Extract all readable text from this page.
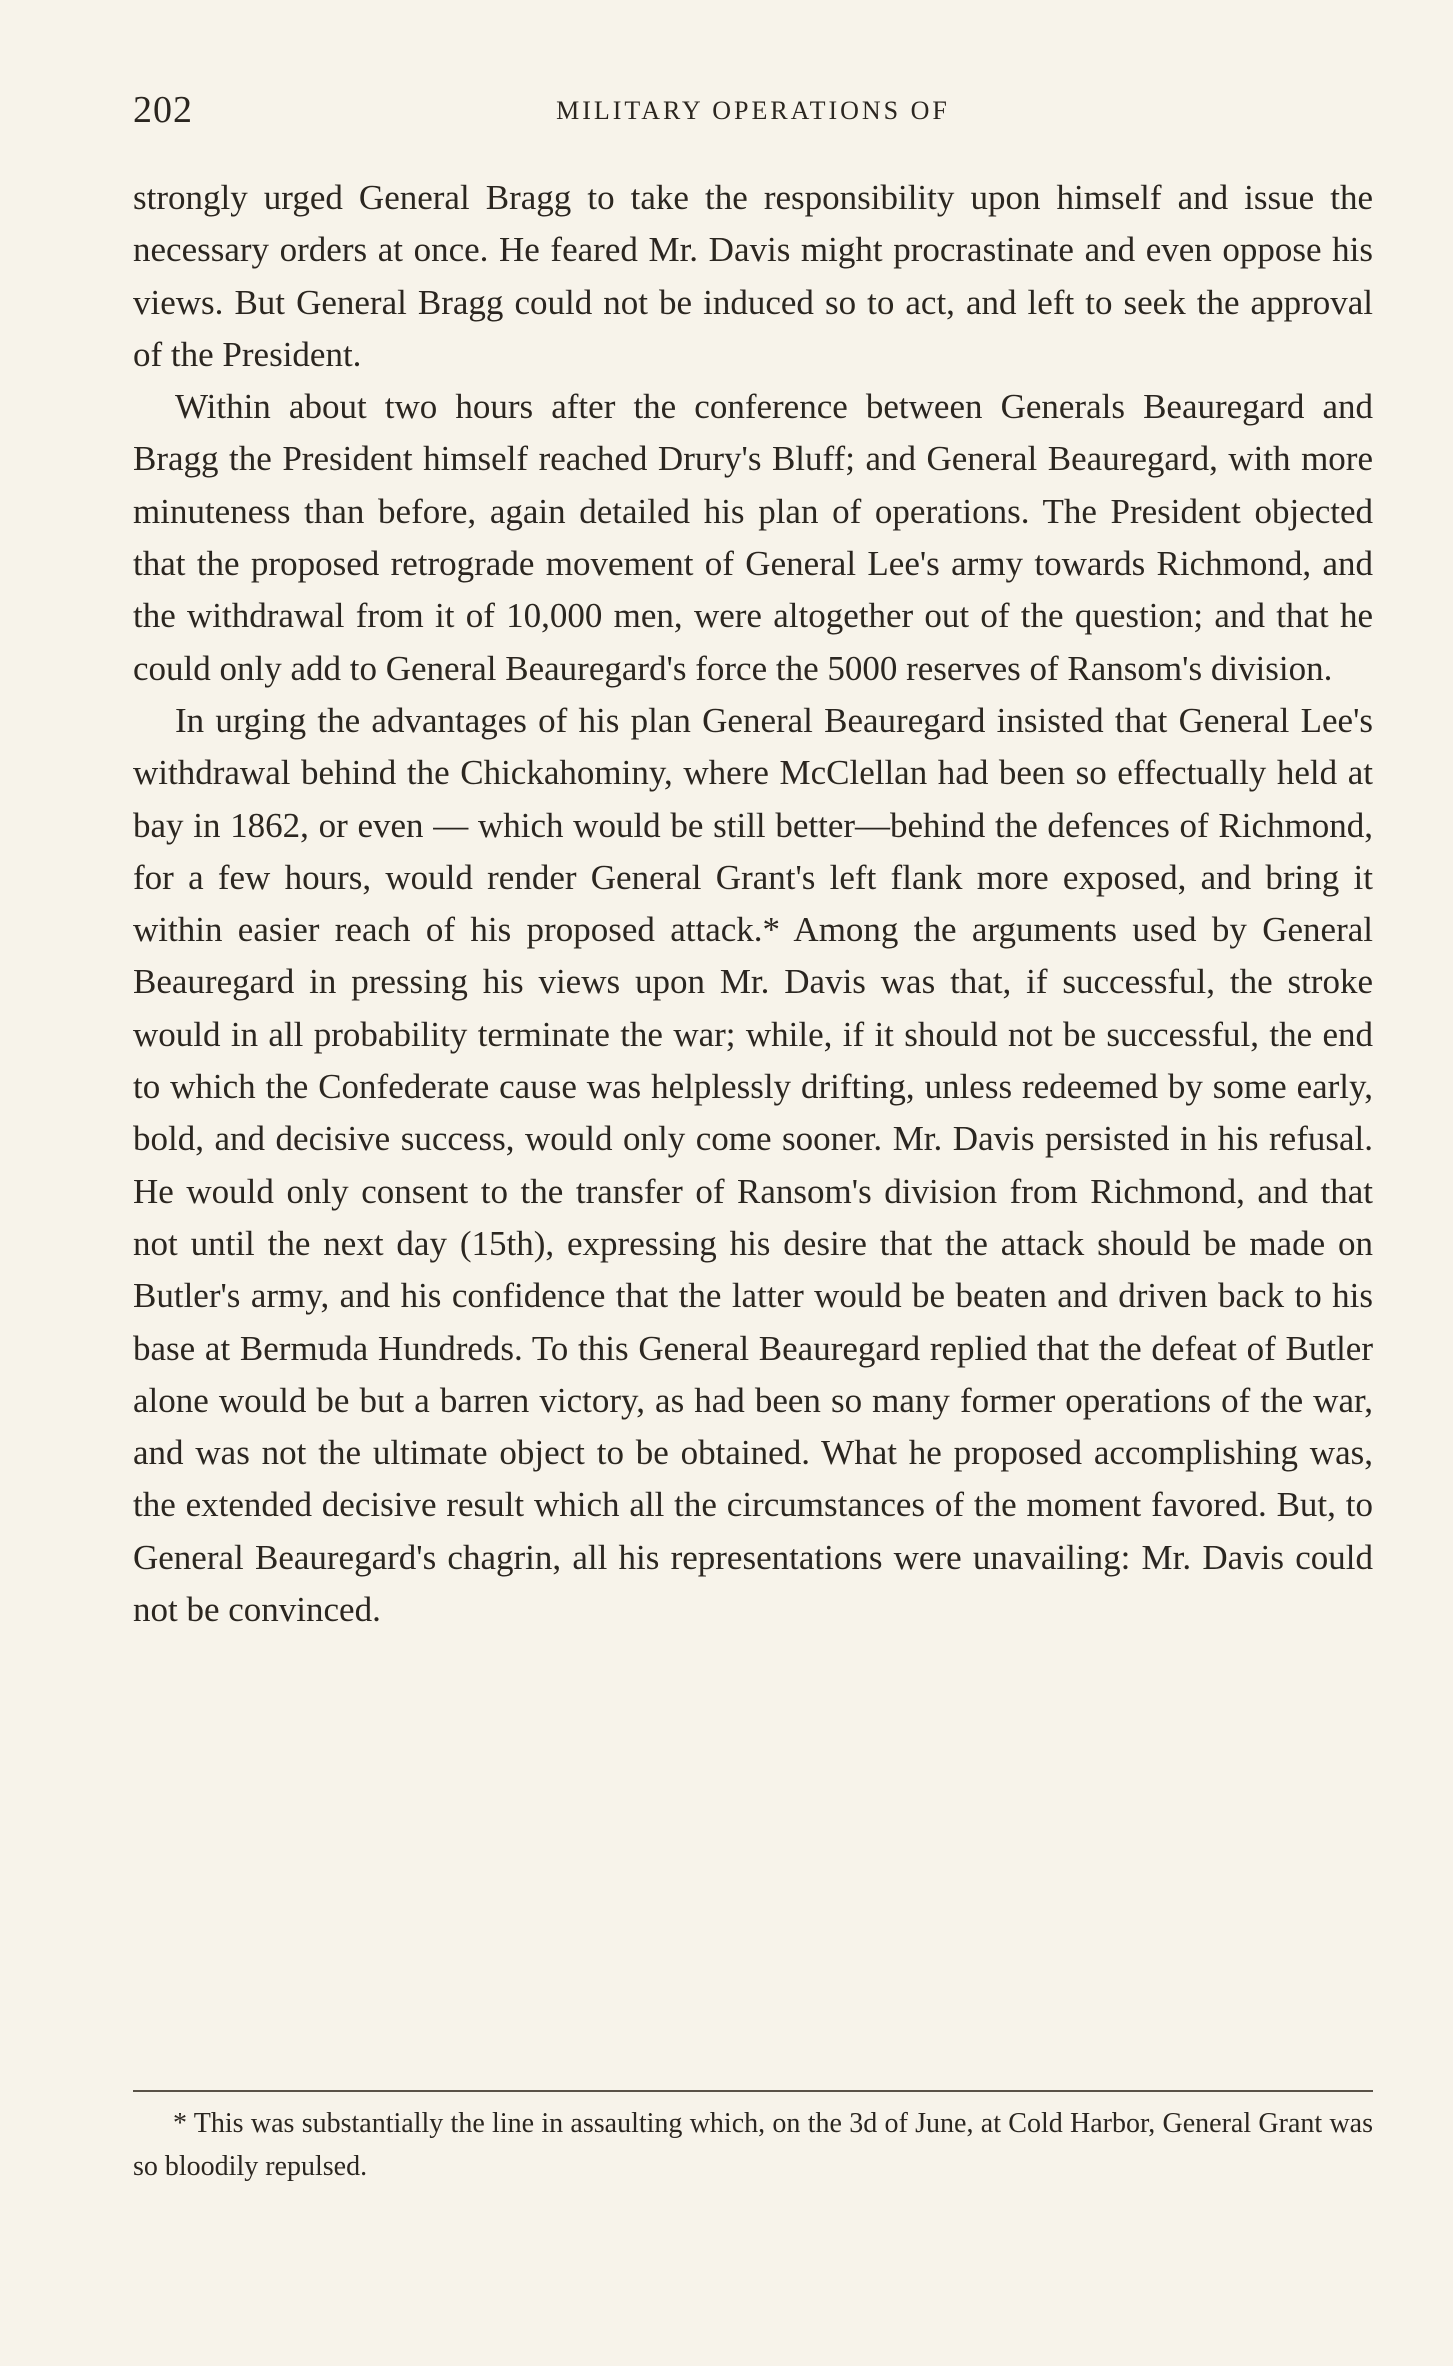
202	MILITARY OPERATIONS OF

strongly urged General Bragg to take the responsibility upon himself and issue the necessary orders at once. He feared Mr. Davis might procrastinate and even oppose his views. But General Bragg could not be induced so to act, and left to seek the approval of the President.

Within about two hours after the conference between Generals Beauregard and Bragg the President himself reached Drury's Bluff; and General Beauregard, with more minuteness than before, again detailed his plan of operations. The President objected that the proposed retrograde movement of General Lee's army towards Richmond, and the withdrawal from it of 10,000 men, were altogether out of the question; and that he could only add to General Beauregard's force the 5000 reserves of Ransom's division.

In urging the advantages of his plan General Beauregard insisted that General Lee's withdrawal behind the Chickahominy, where McClellan had been so effectually held at bay in 1862, or even — which would be still better—behind the defences of Richmond, for a few hours, would render General Grant's left flank more exposed, and bring it within easier reach of his proposed attack.* Among the arguments used by General Beauregard in pressing his views upon Mr. Davis was that, if successful, the stroke would in all probability terminate the war; while, if it should not be successful, the end to which the Confederate cause was helplessly drifting, unless redeemed by some early, bold, and decisive success, would only come sooner. Mr. Davis persisted in his refusal. He would only consent to the transfer of Ransom's division from Richmond, and that not until the next day (15th), expressing his desire that the attack should be made on Butler's army, and his confidence that the latter would be beaten and driven back to his base at Bermuda Hundreds. To this General Beauregard replied that the defeat of Butler alone would be but a barren victory, as had been so many former operations of the war, and was not the ultimate object to be obtained. What he proposed accomplishing was, the extended decisive result which all the circumstances of the moment favored. But, to General Beauregard's chagrin, all his representations were unavailing: Mr. Davis could not be convinced.

* This was substantially the line in assaulting which, on the 3d of June, at Cold Harbor, General Grant was so bloodily repulsed.
